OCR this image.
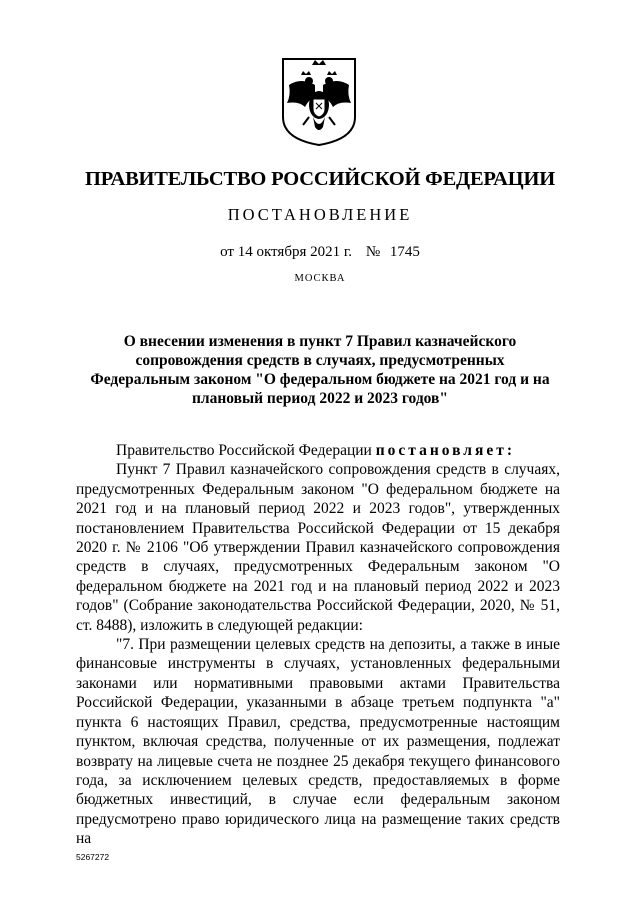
ПРАВИТЕЛЬСТВО РОССИЙСКОЙ ФЕДЕРАЦИИ
ПОСТАНОВЛЕНИЕ
от 14 октября 2021 г. № 1745
МОСКВА
О внесении изменения в пункт 7 Правил казначейского сопровождения средств в случаях, предусмотренных Федеральным законом "О федеральном бюджете на 2021 год и на плановый период 2022 и 2023 годов"

Правительство Российской Федерации постановляет:

Пункт 7 Правил казначейского сопровождения средств в случаях, предусмотренных Федеральным законом "О федеральном бюджете на 2021 год и на плановый период 2022 и 2023 годов", утвержденных постановлением Правительства Российской Федерации от 15 декабря 2020 г. № 2106 "Об утверждении Правил казначейского сопровождения средств в случаях, предусмотренных Федеральным законом "О федеральном бюджете на 2021 год и на плановый период 2022 и 2023 годов" (Собрание законодательства Российской Федерации, 2020, № 51, ст. 8488), изложить в следующей редакции:

"7. При размещении целевых средств на депозиты, а также в иные финансовые инструменты в случаях, установленных федеральными законами или нормативными правовыми актами Правительства Российской Федерации, указанными в абзаце третьем подпункта "а" пункта 6 настоящих Правил, средства, предусмотренные настоящим пунктом, включая средства, полученные от их размещения, подлежат возврату на лицевые счета не позднее 25 декабря текущего финансового года, за исключением целевых средств, предоставляемых в форме бюджетных инвестиций, в случае если федеральным законом предусмотрено право юридического лица на размещение таких средств на

5267272
